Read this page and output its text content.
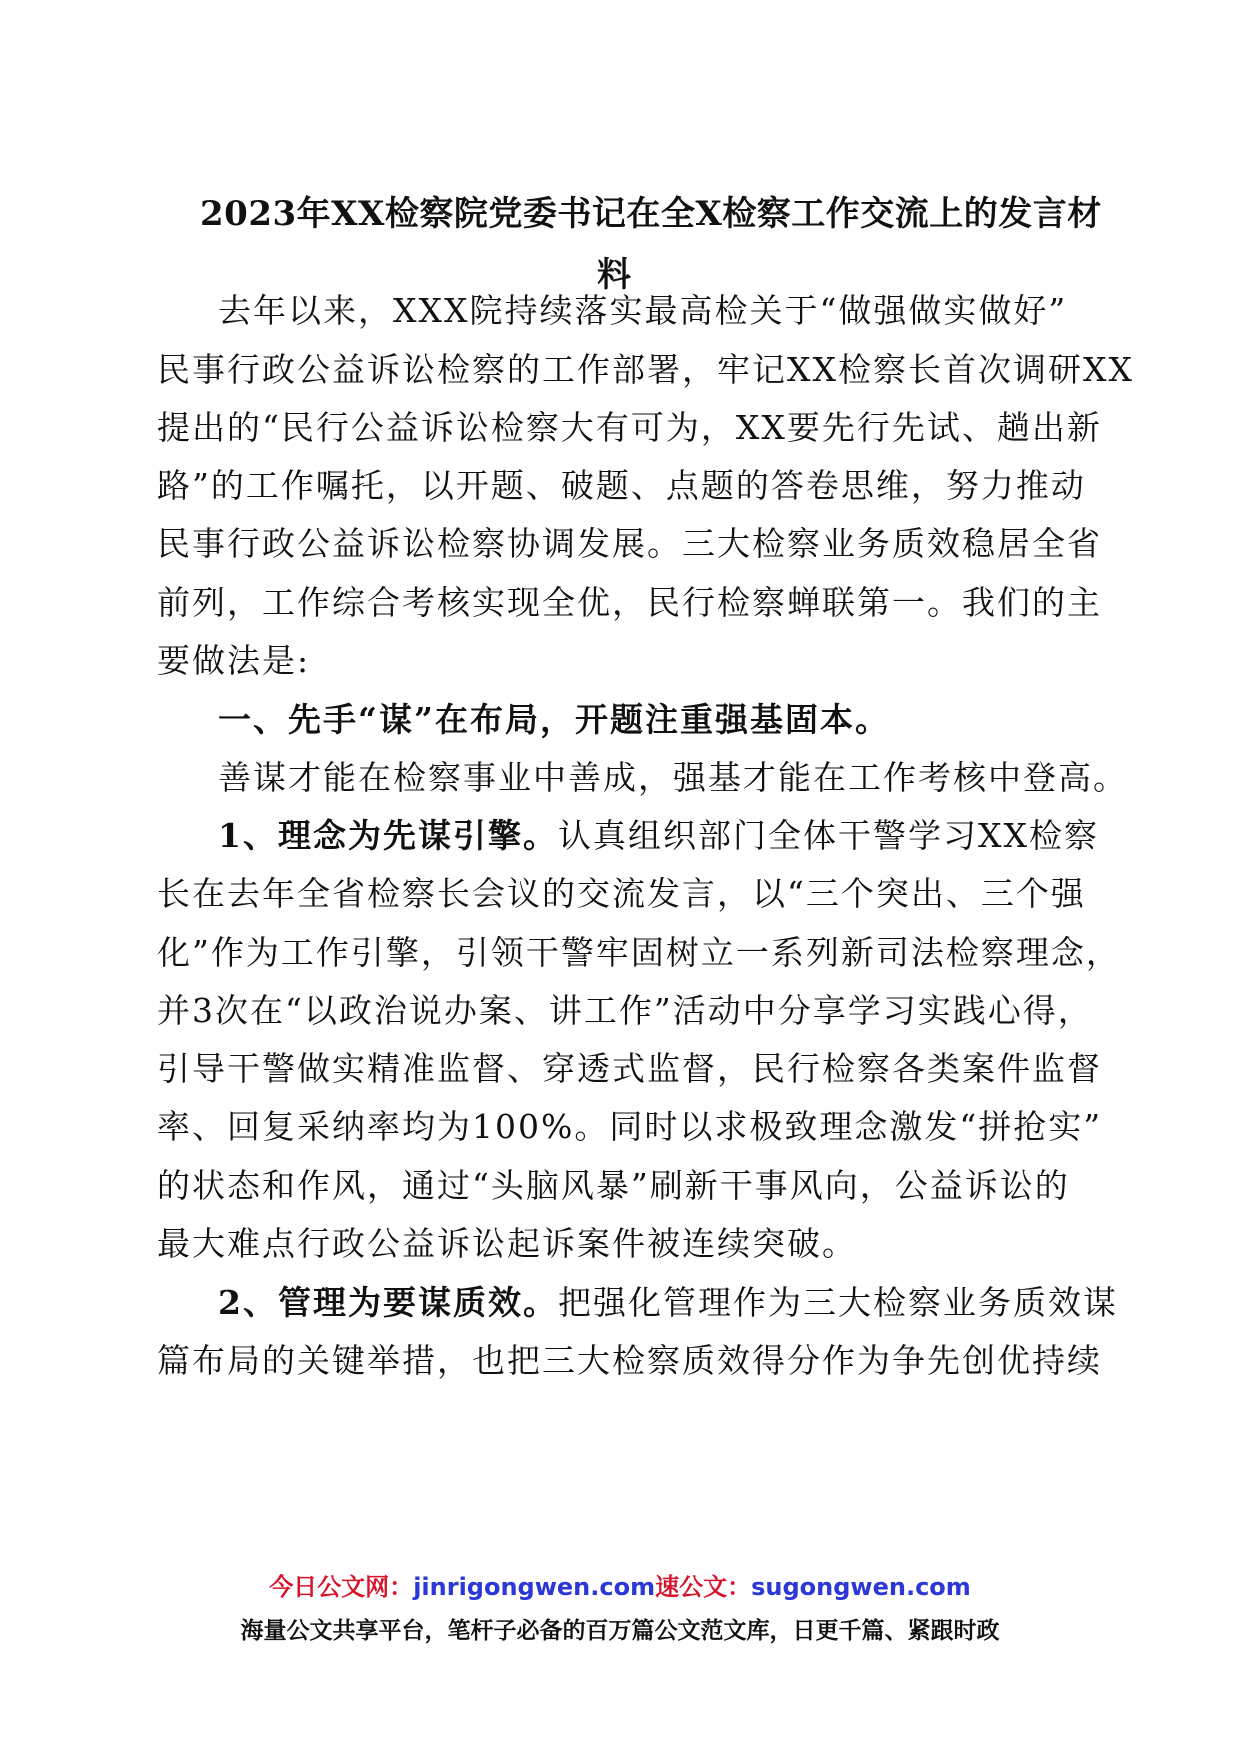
2023年XX检察院党委书记在全X检察工作交流上的发言材
料
去年以来，XXX院持续落实最高检关于“做强做实做好”
民事行政公益诉讼检察的工作部署，牢记XX检察长首次调研XX
提出的“民行公益诉讼检察大有可为，XX要先行先试、趟出新
路”的工作嘱托，以开题、破题、点题的答卷思维，努力推动
民事行政公益诉讼检察协调发展。三大检察业务质效稳居全省
前列，工作综合考核实现全优，民行检察蝉联第一。我们的主
要做法是:
一、先手“谋”在布局，开题注重强基固本。
善谋才能在检察事业中善成，强基才能在工作考核中登高。
1、理念为先谋引擎。认真组织部门全体干警学习XX检察
长在去年全省检察长会议的交流发言，以“三个突出、三个强
化”作为工作引擎，引领干警牢固树立一系列新司法检察理念，
并3次在“以政治说办案、讲工作”活动中分享学习实践心得，
引导干警做实精准监督、穿透式监督，民行检察各类案件监督
率、回复采纳率均为100%。同时以求极致理念激发“拼抢实”
的状态和作风，通过“头脑风暴”刷新干事风向，公益诉讼的
最大难点行政公益诉讼起诉案件被连续突破。
2、管理为要谋质效。把强化管理作为三大检察业务质效谋
篇布局的关键举措，也把三大检察质效得分作为争先创优持续
今日公文网：jinrigongwen.com速公文：sugongwen.com
海量公文共享平台，笔杆子必备的百万篇公文范文库，日更千篇、紧跟时政
